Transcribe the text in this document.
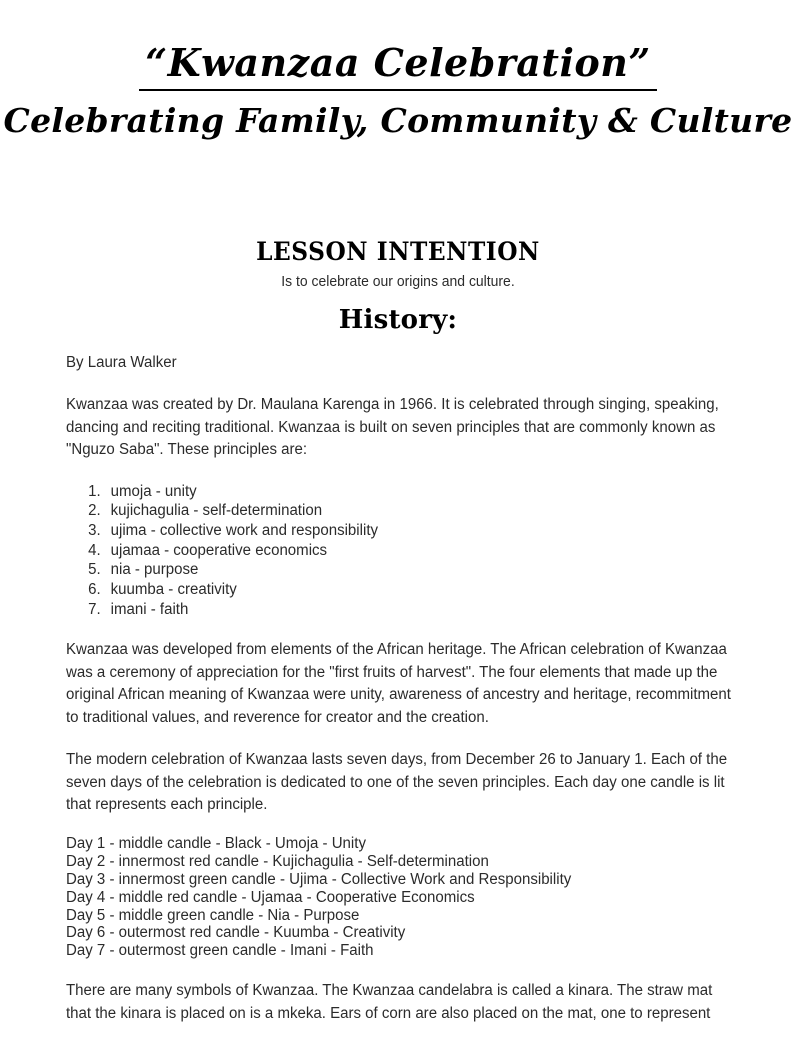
“Kwanzaa Celebration”
Celebrating Family, Community & Culture
LESSON INTENTION
Is to celebrate our origins and culture.
History:
By Laura Walker

Kwanzaa was created by Dr. Maulana Karenga in 1966. It is celebrated through singing, speaking, dancing and reciting traditional. Kwanzaa is built on seven principles that are commonly known as "Nguzo Saba". These principles are:

1. umoja - unity
2. kujichagulia - self-determination
3. ujima - collective work and responsibility
4. ujamaa - cooperative economics
5. nia - purpose
6. kuumba - creativity
7. imani - faith

Kwanzaa was developed from elements of the African heritage. The African celebration of Kwanzaa was a ceremony of appreciation for the "first fruits of harvest". The four elements that made up the original African meaning of Kwanzaa were unity, awareness of ancestry and heritage, recommitment to traditional values, and reverence for creator and the creation.

The modern celebration of Kwanzaa lasts seven days, from December 26 to January 1. Each of the seven days of the celebration is dedicated to one of the seven principles. Each day one candle is lit that represents each principle.

Day 1 - middle candle - Black - Umoja - Unity
Day 2 - innermost red candle - Kujichagulia - Self-determination
Day 3 - innermost green candle - Ujima - Collective Work and Responsibility
Day 4 - middle red candle - Ujamaa - Cooperative Economics
Day 5 - middle green candle - Nia - Purpose
Day 6 - outermost red candle - Kuumba - Creativity
Day 7 - outermost green candle - Imani - Faith

There are many symbols of Kwanzaa. The Kwanzaa candelabra is called a kinara. The straw mat that the kinara is placed on is a mkeka. Ears of corn are also placed on the mat, one to represent
